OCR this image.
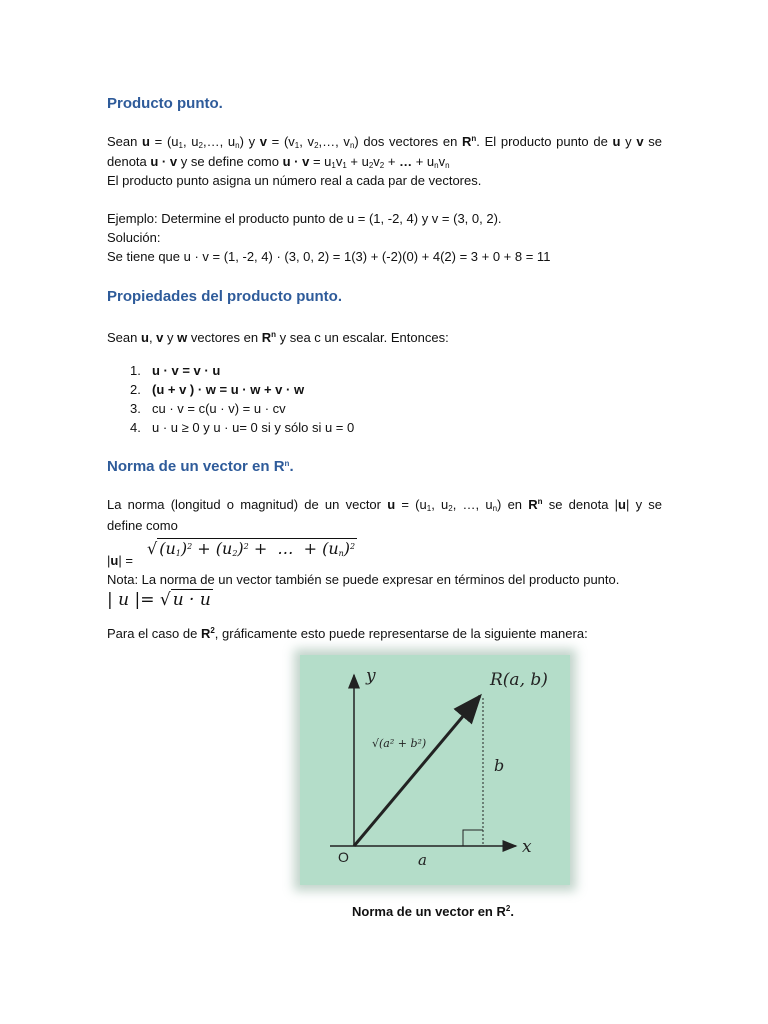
Producto punto.
Sean $u = (u_1$, $u_2,\dots$, $u_n$) y $v = (v_1$, $v_2,\dots$, $v_n$) dos vectores en $R^n$. El producto punto de u y v se
denota u · v y se define como $u \cdot v = u_1v_1 + u_2v_2$ + … + $u_nv_n$
El producto punto asigna un número real a cada par de vectores.
Ejemplo: Determine el producto punto de u = (1, -2, 4) y v = (3, 0, 2).
Solución:
Se tiene que u · v = (1, -2, 4) · (3, 0, 2) = 1(3) + (-2)(0) + 4(2) = 3 + 0 + 8 = 11
Propiedades del producto punto.
Sean u, v y w vectores en $R^n$ y sea c un escalar. Entonces:
1. u · v = v · u
2. (u + v ) · w = u · w + v · w
3. cu · v = c(u · v) = u · cv
4. u · u ≥ 0 y u · u= 0 si y sólo si u = 0
Norma de un vector en $R^n$.
La norma (longitud o magnitud) de un vector $u = (u_1$, $u_2$, …, $u_n$) en $R^n$ se denota |u| y se
define como
|u| =
√ $(u_1)^2 + (u_2)^2$ +  …  + $(u_n)^2$
Nota: La norma de un vector también se puede expresar en términos del producto punto.
| u |= √ u · u
Para el caso de $R^2$, gráficamente esto puede representarse de la siguiente manera:
y
x
O
R(a, b)
a
b
√(a² + b²)
Norma de un vector en $R^2$.
